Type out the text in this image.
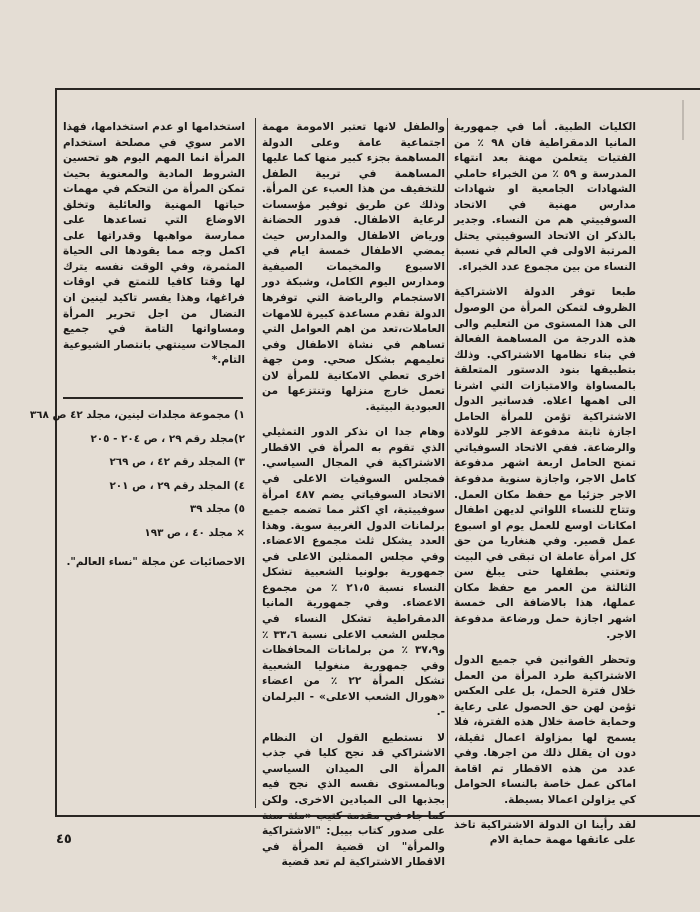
الكليات الطبية. أما في جمهورية المانيا الدمقراطية فان ٩٨ ٪ من الفتيات يتعلمن مهنة بعد انتهاء المدرسة و ٥٩ ٪ من الخبراء حاملي الشهادات الجامعية او شهادات مدارس مهنية في الاتحاد السوفييتي هم من النساء. وجدير بالذكر ان الاتحاد السوفييتي يحتل المرتبة الاولى في العالم في نسبة النساء من بين مجموع عدد الخبراء.

طبعا توفر الدولة الاشتراكية الظروف لتمكن المرأة من الوصول الى هذا المستوى من التعليم والى هذه الدرجة من المساهمة الفعالة في بناء نظامها الاشتراكي. وذلك بتطبيقها بنود الدستور المتعلقة بالمساواة والامتيازات التي اشرنا الى اهمها اعلاه. فدساتير الدول الاشتراكية تؤمن للمرأة الحامل اجازة ثابتة مدفوعة الاجر للولادة والرضاعة. ففي الاتحاد السوفياتي تمنح الحامل اربعة اشهر مدفوعة كامل الاجر، واجازة سنوية مدفوعة الاجر جزئيا مع حفظ مكان العمل. وتتاح للنساء اللواتي لديهن اطفال امكانات اوسع للعمل يوم او اسبوع عمل قصير. وفي هنغاريا من حق كل امرأة عاملة ان تبقى في البيت وتعتني بطفلها حتى يبلغ سن الثالثة من العمر مع حفظ مكان عملها، هذا بالاضافة الى خمسة اشهر اجازة حمل ورضاعة مدفوعة الاجر.

وتحظر القوانين في جميع الدول الاشتراكية طرد المرأة من العمل خلال فترة الحمل، بل على العكس تؤمن لهن حق الحصول على رعاية وحماية خاصة خلال هذه الفترة، فلا يسمح لها بمزاولة اعمال ثقيلة، دون ان يقلل ذلك من اجرها. وفي عدد من هذه الاقطار تم اقامة اماكن عمل خاصة بالنساء الحوامل كي يزاولن اعمالا بسيطة.

لقد رأينا ان الدولة الاشتراكية تاخذ على عاتقها مهمة حماية الام

والطفل لانها تعتبر الامومة مهمة اجتماعية عامة وعلى الدولة المساهمة بجزء كبير منها كما عليها المساهمة في تربية الطفل للتخفيف من هذا العبء عن المرأة. وذلك عن طريق توفير مؤسسات لرعاية الاطفال. فدور الحضانة ورياض الاطفال والمدارس حيث يمضي الاطفال خمسة ايام في الاسبوع والمخيمات الصيفية ومدارس اليوم الكامل، وشبكة دور الاستجمام والرياضة التي توفرها الدولة تقدم مساعدة كبيرة للامهات العاملات،تعد من اهم العوامل التي تساهم في نشاة الاطفال وفي تعليمهم بشكل صحي. ومن جهة اخرى تعطي الامكانية للمرأة لان تعمل خارج منزلها وتنتزعها من العبودية البيتية.

وهام جدا ان نذكر الدور التمثيلي الذي تقوم به المرأة في الاقطار الاشتراكية في المجال السياسي. فمجلس السوفيات الاعلى في الاتحاد السوفياتي يضم ٤٨٧ امرأة سوفييتية، اي اكثر مما تضمه جميع برلمانات الدول الغربية سوية. وهذا العدد يشكل ثلث مجموع الاعضاء. وفي مجلس الممثلين الاعلى في جمهورية بولونيا الشعبية تشكل النساء نسبة ٢١،٥ ٪ من مجموع الاعضاء. وفي جمهورية المانيا الدمقراطية تشكل النساء في مجلس الشعب الاعلى نسبة ٣٣،٦ ٪ و٣٧،٩ ٪ من برلمانات المحافظات وفي جمهورية منغوليا الشعبية تشكل المرأة ٢٢ ٪ من اعضاء «هورال الشعب الاعلى» - البرلمان -.

لا نستطيع القول ان النظام الاشتراكي قد نجح كليا في جذب المرأة الى الميدان السياسي وبالمستوى نفسه الذي نجح فيه بجذبها الى الميادين الاخرى. ولكن كما جاء في مقدمة كتيب «مئة سنة على صدور كتاب بيبل: "الاشتراكية والمرأة" ان قضية المرأة في الاقطار الاشتراكية لم تعد قضية

استخدامها او عدم استخدامها، فهذا الامر سوي في مصلحة استخدام المرأة انما المهم اليوم هو تحسين الشروط المادية والمعنوية بحيث تمكن المرأة من التحكم في مهمات حياتها المهنية والعائلية وتخلق الاوضاع التي تساعدها على ممارسة مواهبها وقدراتها على اكمل وجه مما يقودها الى الحياة المثمرة، وفي الوقت نفسه يترك لها وقتا كافيا للتمتع في اوقات فراغها، وهذا يفسر تاكيد لينين ان النضال من اجل تحرير المرأة ومساواتها التامة في جميع المجالات سينتهي بانتصار الشيوعية التام.*

١) مجموعة مجلدات لينين، مجلد ٤٢ ص ٣٦٨
٢)مجلد رقم ٢٩ ، ص ٢٠٤ - ٢٠٥
٣) المجلد رقم ٤٢ ، ص ٢٦٩
٤) المجلد رقم ٢٩ ، ص ٢٠١
٥) مجلد ٣٩
× مجلد ٤٠ ، ص ١٩٣
الاحصائيات عن مجلة "نساء العالم".
٤٥
